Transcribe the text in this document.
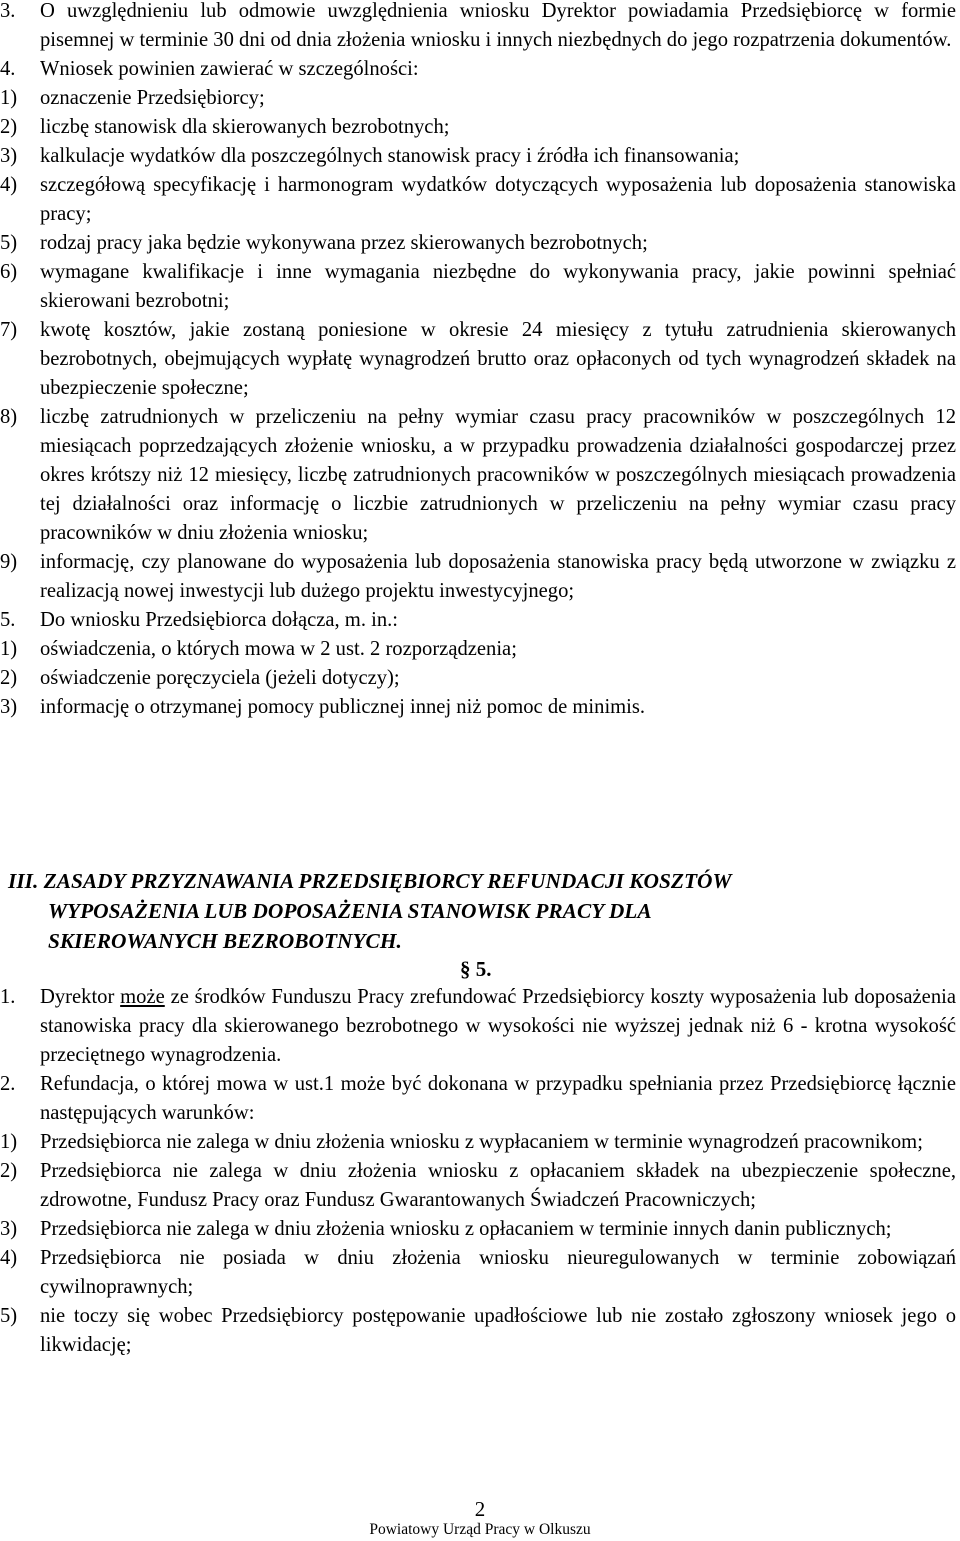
3.	O uwzględnieniu lub odmowie uwzględnienia wniosku Dyrektor powiadamia Przedsiębiorcę w formie pisemnej w terminie 30 dni od dnia złożenia wniosku i innych niezbędnych do jego rozpatrzenia dokumentów.
4.	Wniosek powinien zawierać w szczególności:
1)	oznaczenie Przedsiębiorcy;
2)	liczbę stanowisk dla skierowanych bezrobotnych;
3)	kalkulacje wydatków dla poszczególnych stanowisk pracy i źródła ich finansowania;
4)	szczegółową specyfikację i harmonogram wydatków dotyczących wyposażenia lub doposażenia stanowiska pracy;
5)	rodzaj pracy jaka będzie wykonywana przez skierowanych bezrobotnych;
6)	wymagane kwalifikacje i inne wymagania niezbędne do wykonywania pracy, jakie powinni spełniać skierowani bezrobotni;
7)	kwotę kosztów, jakie zostaną poniesione w okresie 24 miesięcy z tytułu zatrudnienia skierowanych bezrobotnych, obejmujących wypłatę wynagrodzeń brutto oraz opłaconych od tych wynagrodzeń składek na ubezpieczenie społeczne;
8)	liczbę zatrudnionych w przeliczeniu na pełny wymiar czasu pracy pracowników w poszczególnych 12 miesiącach poprzedzających złożenie wniosku, a w przypadku prowadzenia działalności gospodarczej przez okres krótszy niż 12 miesięcy, liczbę zatrudnionych pracowników w poszczególnych miesiącach prowadzenia tej działalności oraz informację o liczbie zatrudnionych w przeliczeniu na pełny wymiar czasu pracy pracowników w dniu złożenia wniosku;
9)	informację, czy planowane do wyposażenia lub doposażenia stanowiska pracy będą utworzone w związku z realizacją nowej inwestycji lub dużego projektu inwestycyjnego;
5.	Do wniosku Przedsiębiorca dołącza, m. in.:
1)	oświadczenia, o których mowa w 2 ust. 2 rozporządzenia;
2)	oświadczenie poręczyciela (jeżeli dotyczy);
3)	informację o otrzymanej pomocy publicznej innej niż pomoc de minimis.
III. ZASADY PRZYZNAWANIA PRZEDSIĘBIORCY REFUNDACJI KOSZTÓW
WYPOSAŻENIA LUB DOPOSAŻENIA STANOWISK PRACY DLA
SKIEROWANYCH BEZROBOTNYCH.
§ 5.
1.	Dyrektor może ze środków Funduszu Pracy zrefundować Przedsiębiorcy koszty wyposażenia lub doposażenia stanowiska pracy dla skierowanego bezrobotnego w wysokości nie wyższej jednak niż 6 - krotna wysokość przeciętnego wynagrodzenia.
2.	Refundacja, o której mowa w ust.1 może być dokonana w przypadku spełniania przez Przedsiębiorcę łącznie następujących warunków:
1)	Przedsiębiorca nie zalega w dniu złożenia wniosku z wypłacaniem w terminie wynagrodzeń pracownikom;
2)	Przedsiębiorca nie zalega w dniu złożenia wniosku z opłacaniem składek na ubezpieczenie społeczne, zdrowotne, Fundusz Pracy oraz Fundusz Gwarantowanych Świadczeń Pracowniczych;
3)	Przedsiębiorca nie zalega w dniu złożenia wniosku z opłacaniem w terminie innych danin publicznych;
4)	Przedsiębiorca nie posiada w dniu złożenia wniosku nieuregulowanych w terminie zobowiązań cywilnoprawnych;
5)	nie toczy się wobec Przedsiębiorcy postępowanie upadłościowe lub nie zostało zgłoszony wniosek jego o likwidację;
2
Powiatowy Urząd Pracy w Olkuszu
